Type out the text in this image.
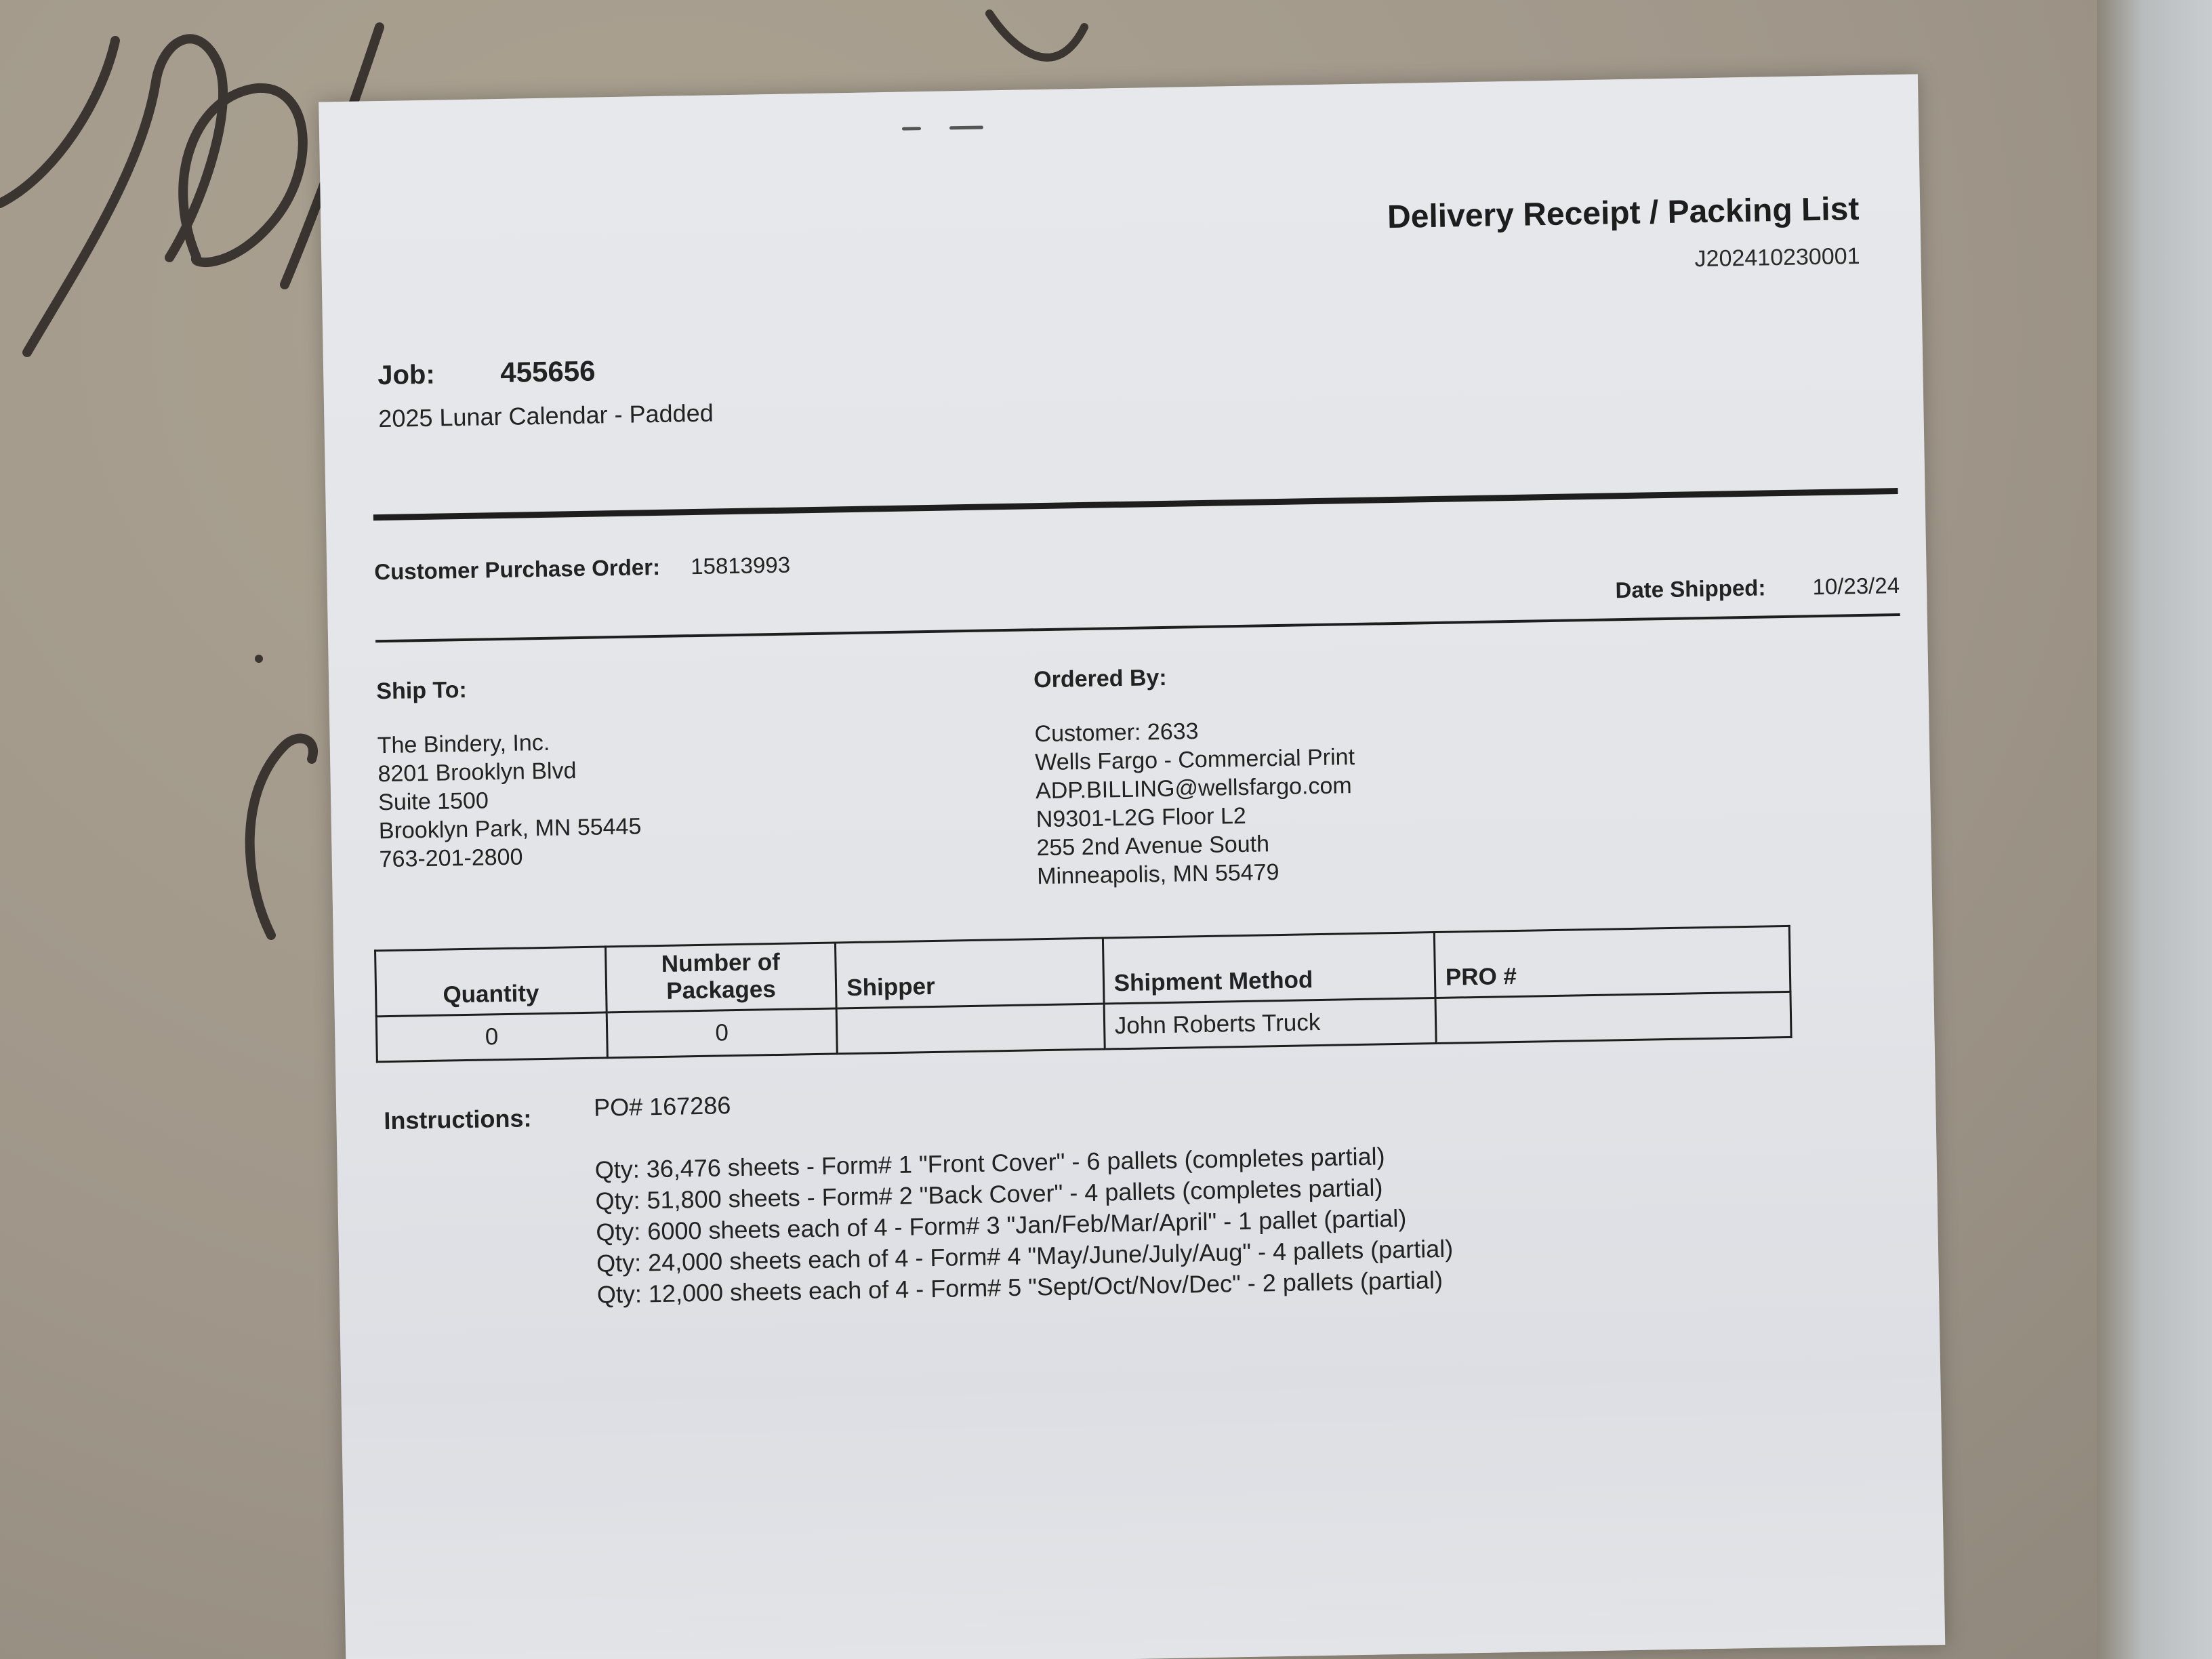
Delivery Receipt / Packing List
J202410230001
Job: 455656
2025 Lunar Calendar - Padded
Customer Purchase Order: 15813993
Date Shipped: 10/23/24
Ship To:
The Bindery, Inc.
8201 Brooklyn Blvd
Suite 1500
Brooklyn Park, MN 55445
763-201-2800
Ordered By:
Customer: 2633
Wells Fargo - Commercial Print
ADP.BILLING@wellsfargo.com
N9301-L2G Floor L2
255 2nd Avenue South
Minneapolis, MN 55479
Quantity	Number of Packages	Shipper	Shipment Method	PRO #
0	0		John Roberts Truck	
Instructions:	PO# 167286
Qty: 36,476 sheets - Form# 1 "Front Cover" - 6 pallets (completes partial)
Qty: 51,800 sheets - Form# 2 "Back Cover" - 4 pallets (completes partial)
Qty: 6000 sheets each of 4 - Form# 3 "Jan/Feb/Mar/April" - 1 pallet (partial)
Qty: 24,000 sheets each of 4 - Form# 4 "May/June/July/Aug" - 4 pallets (partial)
Qty: 12,000 sheets each of 4 - Form# 5 "Sept/Oct/Nov/Dec" - 2 pallets (partial)
